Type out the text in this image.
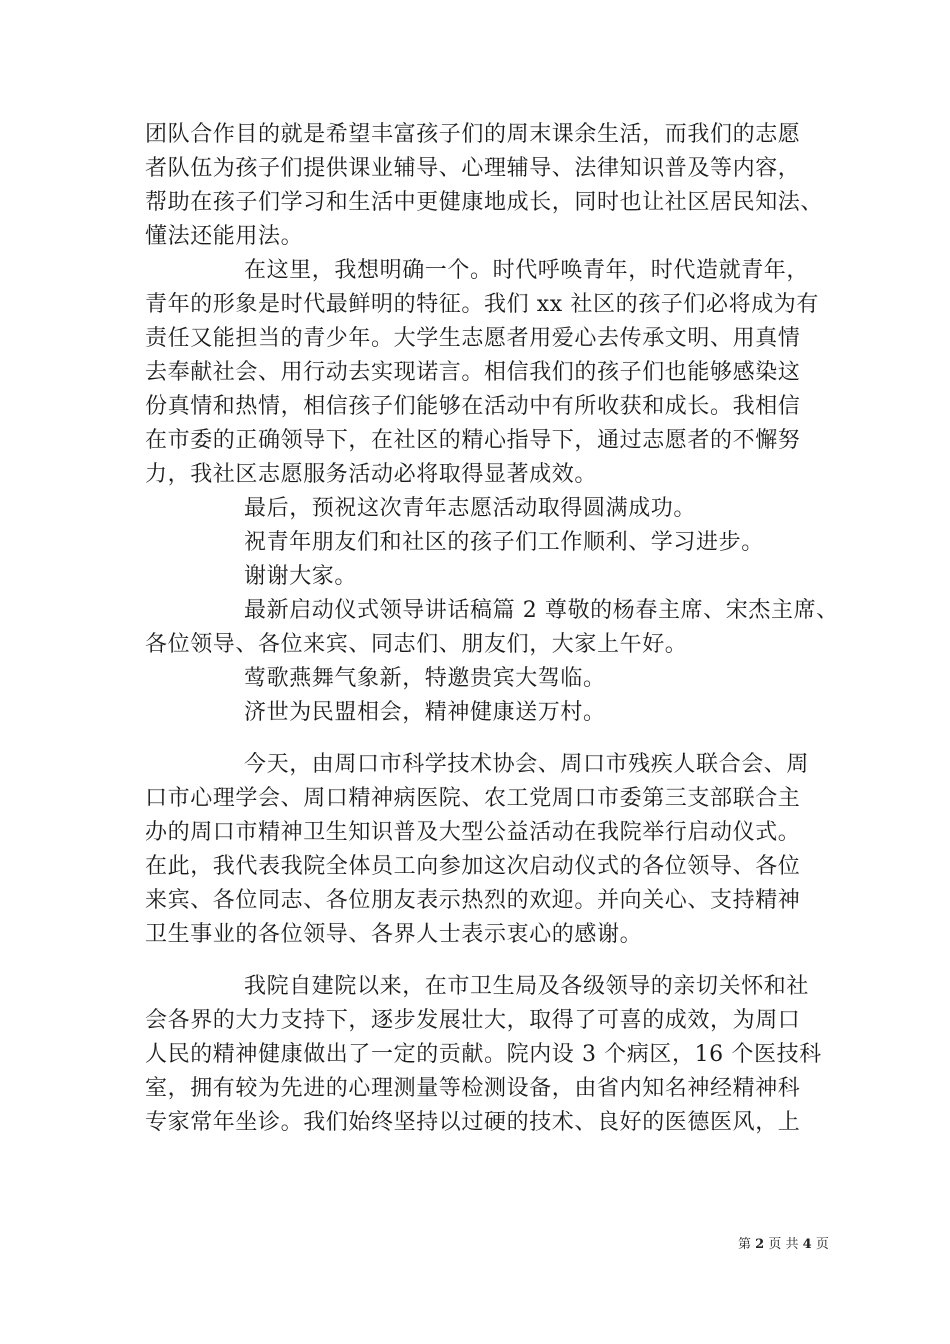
团队合作目的就是希望丰富孩子们的周末课余生活，而我们的志愿
者队伍为孩子们提供课业辅导、心理辅导、法律知识普及等内容，
帮助在孩子们学习和生活中更健康地成长，同时也让社区居民知法、
懂法还能用法。
在这里，我想明确一个。时代呼唤青年，时代造就青年，
青年的形象是时代最鲜明的特征。我们 xx 社区的孩子们必将成为有
责任又能担当的青少年。大学生志愿者用爱心去传承文明、用真情
去奉献社会、用行动去实现诺言。相信我们的孩子们也能够感染这
份真情和热情，相信孩子们能够在活动中有所收获和成长。我相信
在市委的正确领导下，在社区的精心指导下，通过志愿者的不懈努
力，我社区志愿服务活动必将取得显著成效。
最后，预祝这次青年志愿活动取得圆满成功。
祝青年朋友们和社区的孩子们工作顺利、学习进步。
谢谢大家。
最新启动仪式领导讲话稿篇 2 尊敬的杨春主席、宋杰主席、
各位领导、各位来宾、同志们、朋友们，大家上午好。
莺歌燕舞气象新，特邀贵宾大驾临。
济世为民盟相会，精神健康送万村。
今天，由周口市科学技术协会、周口市残疾人联合会、周
口市心理学会、周口精神病医院、农工党周口市委第三支部联合主
办的周口市精神卫生知识普及大型公益活动在我院举行启动仪式。
在此，我代表我院全体员工向参加这次启动仪式的各位领导、各位
来宾、各位同志、各位朋友表示热烈的欢迎。并向关心、支持精神
卫生事业的各位领导、各界人士表示衷心的感谢。
我院自建院以来，在市卫生局及各级领导的亲切关怀和社
会各界的大力支持下，逐步发展壮大，取得了可喜的成效，为周口
人民的精神健康做出了一定的贡献。院内设 3 个病区，16 个医技科
室，拥有较为先进的心理测量等检测设备，由省内知名神经精神科
专家常年坐诊。我们始终坚持以过硬的技术、良好的医德医风，上
第 2 页 共 4 页
